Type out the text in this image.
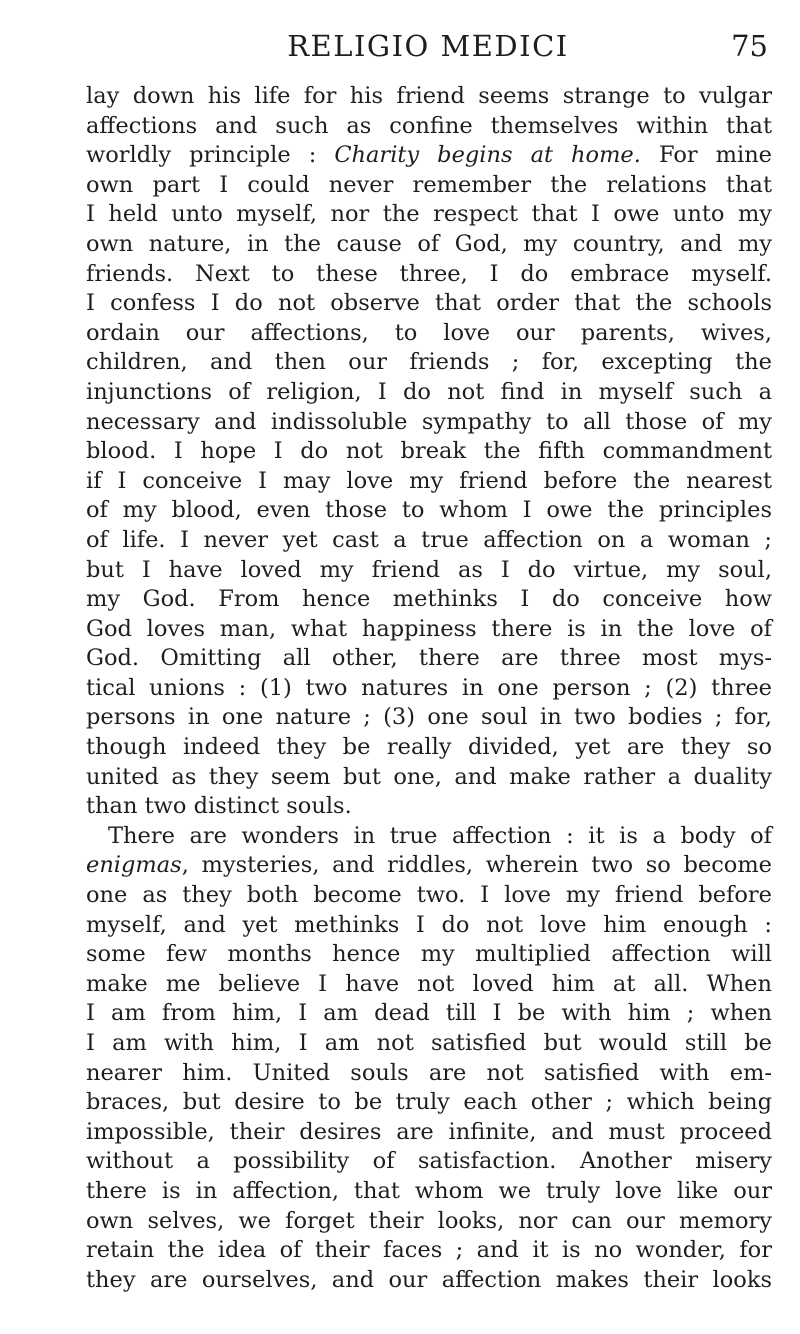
RELIGIO MEDICI	75
lay down his life for his friend seems strange to vulgar
affections and such as confine themselves within that
worldly principle : Charity begins at home. For mine
own part I could never remember the relations that
I held unto myself, nor the respect that I owe unto my
own nature, in the cause of God, my country, and my
friends. Next to these three, I do embrace myself.
I confess I do not observe that order that the schools
ordain our affections, to love our parents, wives,
children, and then our friends ; for, excepting the
injunctions of religion, I do not find in myself such a
necessary and indissoluble sympathy to all those of my
blood. I hope I do not break the fifth commandment
if I conceive I may love my friend before the nearest
of my blood, even those to whom I owe the principles
of life. I never yet cast a true affection on a woman ;
but I have loved my friend as I do virtue, my soul,
my God. From hence methinks I do conceive how
God loves man, what happiness there is in the love of
God. Omitting all other, there are three most mys-
tical unions : (1) two natures in one person ; (2) three
persons in one nature ; (3) one soul in two bodies ; for,
though indeed they be really divided, yet are they so
united as they seem but one, and make rather a duality
than two distinct souls.
There are wonders in true affection : it is a body of
enigmas, mysteries, and riddles, wherein two so become
one as they both become two. I love my friend before
myself, and yet methinks I do not love him enough :
some few months hence my multiplied affection will
make me believe I have not loved him at all. When
I am from him, I am dead till I be with him ; when
I am with him, I am not satisfied but would still be
nearer him. United souls are not satisfied with em-
braces, but desire to be truly each other ; which being
impossible, their desires are infinite, and must proceed
without a possibility of satisfaction. Another misery
there is in affection, that whom we truly love like our
own selves, we forget their looks, nor can our memory
retain the idea of their faces ; and it is no wonder, for
they are ourselves, and our affection makes their looks
